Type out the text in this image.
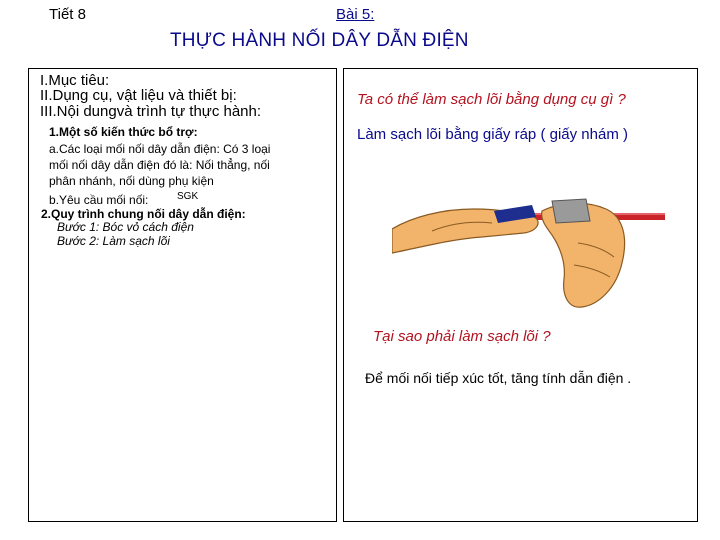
Tiết 8	Bài 5:
THỰC HÀNH NỐI DÂY DẪN ĐIỆN
I.Mục tiêu:
II.Dụng cụ, vật liệu và thiết bị:
III.Nội dungvà trình tự thực hành:
1.Một số kiến thức bổ trợ:
a.Các loại mối nối dây dẫn điện: Có 3 loại
mối nối dây dẫn điện đó là: Nối thẳng, nối
phân nhánh, nối dùng phụ kiện
b.Yêu cầu mối nối:	SGK
2.Quy trình chung nối dây dẫn điện:
Bước 1: Bóc vỏ cách điện
Bước 2: Làm sạch lõi
Ta có thể làm sạch lõi bằng dụng cụ gì ?
Làm sạch lõi bằng giấy ráp ( giấy nhám )
Tại sao phải làm sạch lõi ?
Để mối nối tiếp xúc tốt, tăng tính dẫn điện .
